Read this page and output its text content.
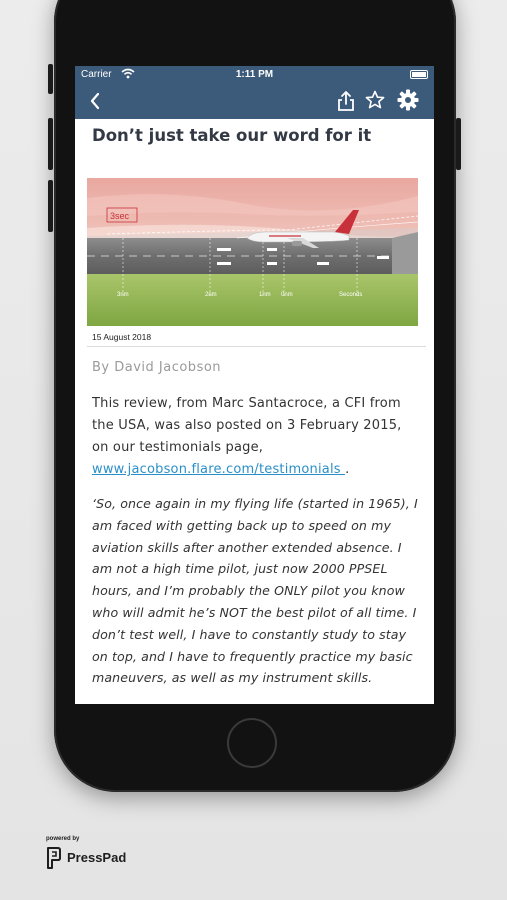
Carrier	1:11 PM
Don’t just take our word for it
3sec
3nm	2nm	1nm 0nm	Seconds
15 August 2018
By David Jacobson
This review, from Marc Santacroce, a CFI from the USA, was also posted on 3 February 2015, on our testimonials page, www.jacobson.flare.com/testimonials .
‘So, once again in my flying life (started in 1965), I am faced with getting back up to speed on my aviation skills after another extended absence. I am not a high time pilot, just now 2000 PPSEL hours, and I’m probably the ONLY pilot you know who will admit he’s NOT the best pilot of all time. I don’t test well, I have to constantly study to stay on top, and I have to frequently practice my basic maneuvers, as well as my instrument skills.
powered by
PressPad
